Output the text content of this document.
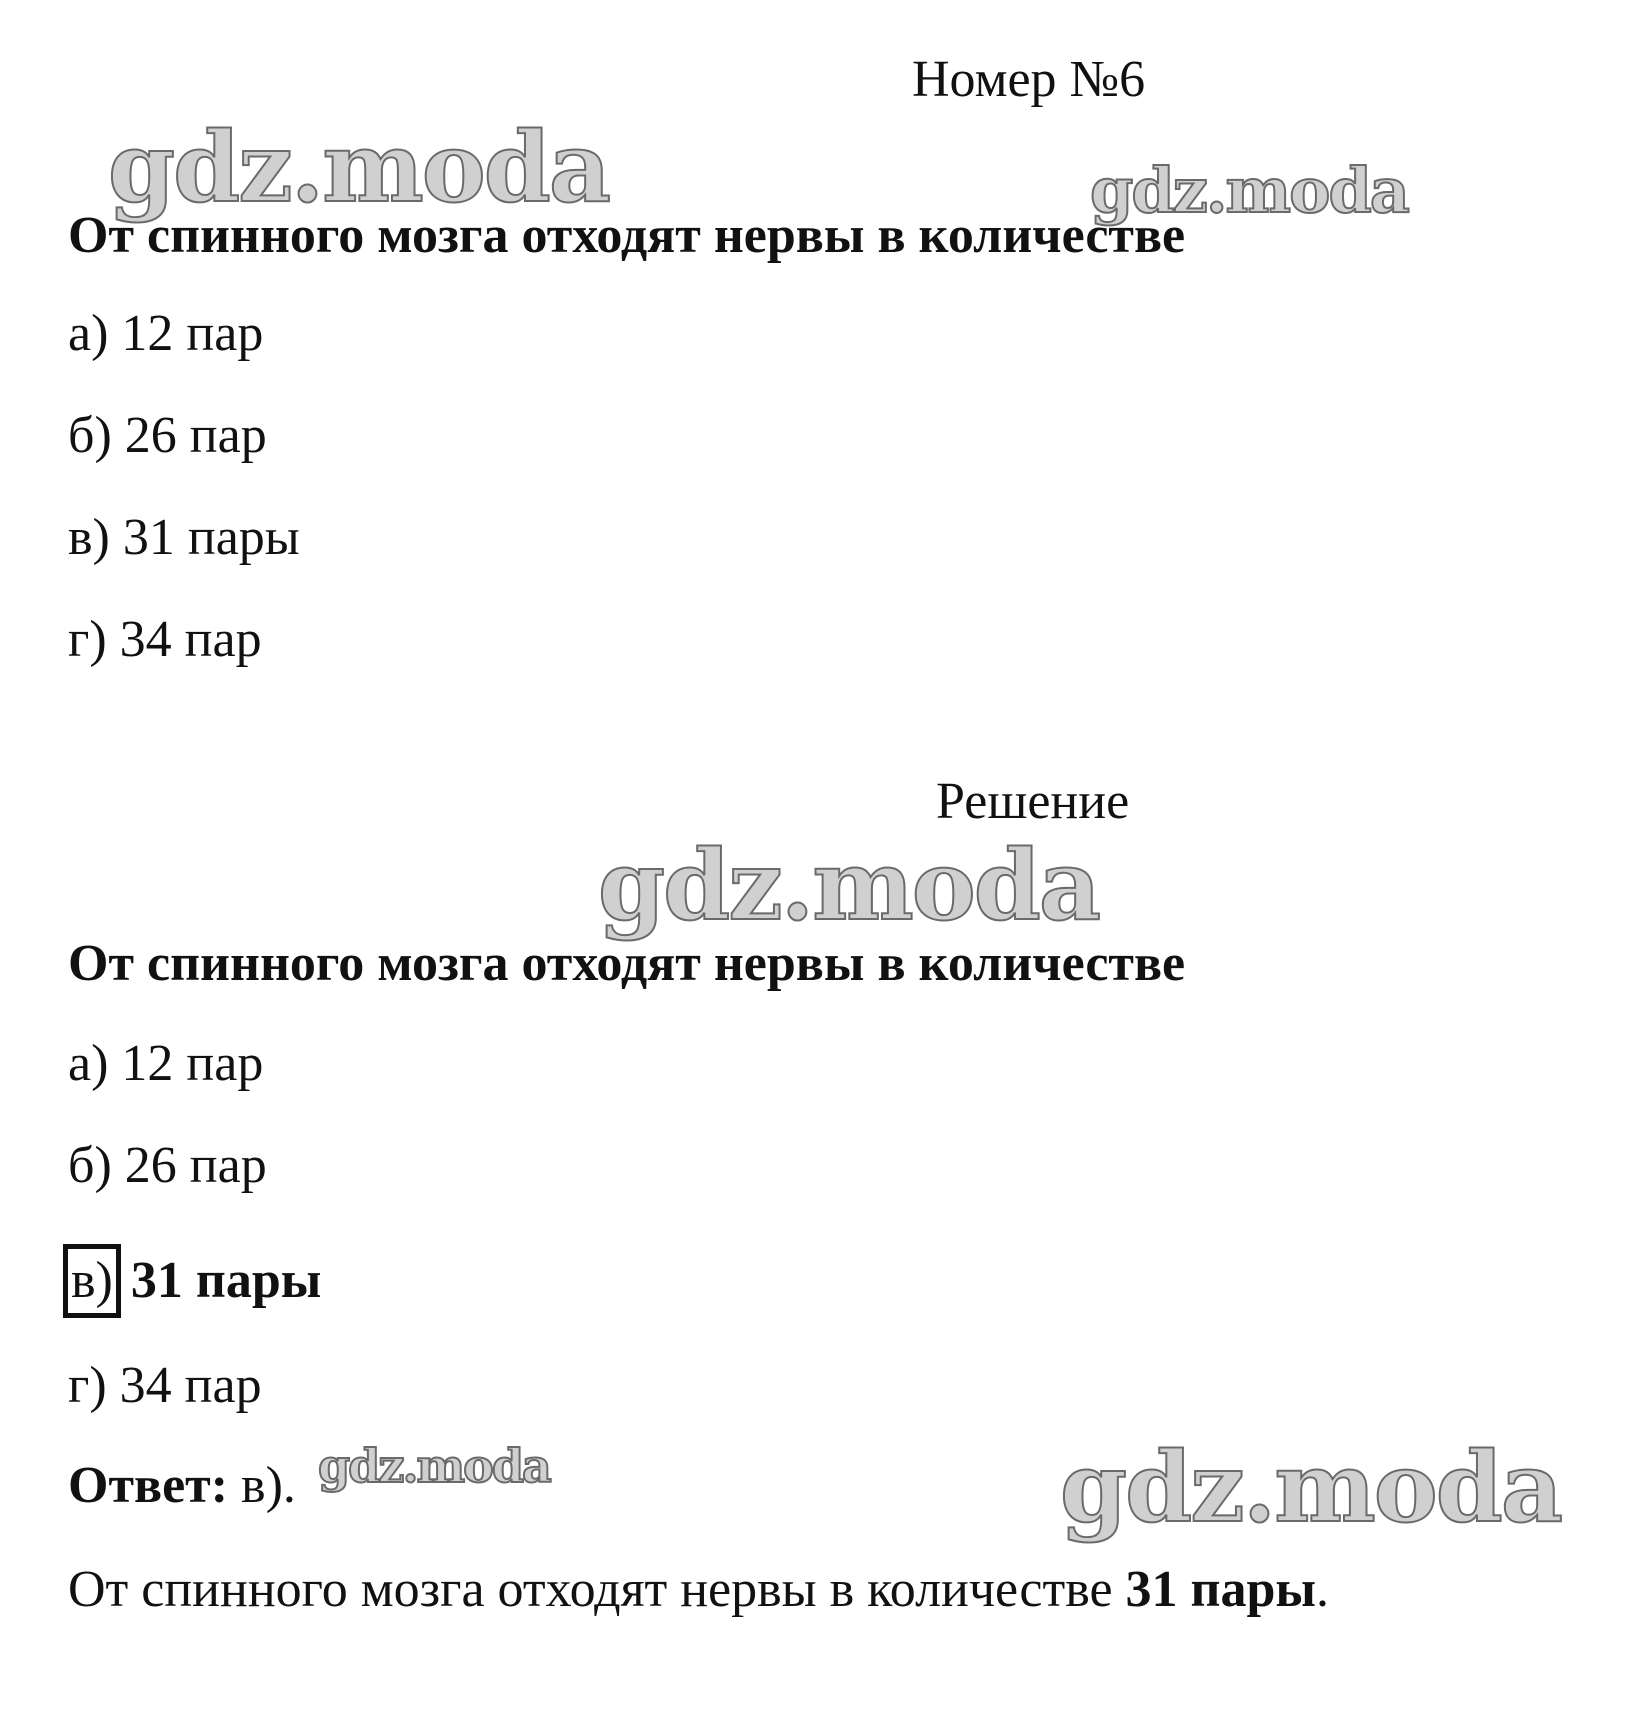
Номер №6
gdz.moda	gdz.moda
gdz.moda
gdz.moda	gdz.moda
От спинного мозга отходят нервы в количестве
а) 12 пар
б) 26 пар
в) 31 пары
г) 34 пар
Решение
От спинного мозга отходят нервы в количестве
а) 12 пар
б) 26 пар
в) 31 пары
г) 34 пар
Ответ: в).
От спинного мозга отходят нервы в количестве 31 пары.
